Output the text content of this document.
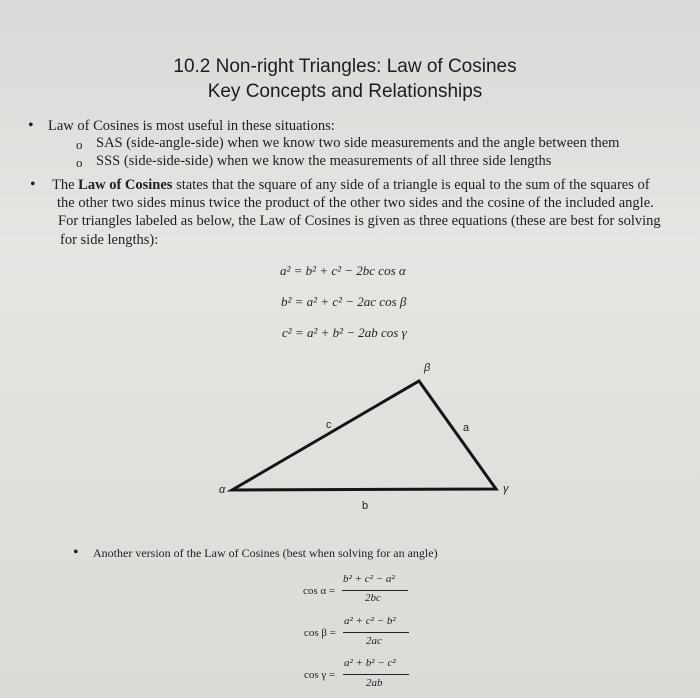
10.2 Non-right Triangles: Law of Cosines
Key Concepts and Relationships
• Law of Cosines is most useful in these situations:
o SAS (side-angle-side) when we know two side measurements and the angle between them
o SSS (side-side-side) when we know the measurements of all three side lengths
• The Law of Cosines states that the square of any side of a triangle is equal to the sum of the squares of
the other two sides minus twice the product of the other two sides and the cosine of the included angle.
For triangles labeled as below, the Law of Cosines is given as three equations (these are best for solving
for side lengths):
a² = b² + c² − 2bc cos α
b² = a² + c² − 2ac cos β
c² = a² + b² − 2ab cos γ
α
β
γ
a
b
c
• Another version of the Law of Cosines (best when solving for an angle)
cos α =
b² + c² − a²
2bc
cos β =
a² + c² − b²
2ac
cos γ =
a² + b² − c²
2ab
